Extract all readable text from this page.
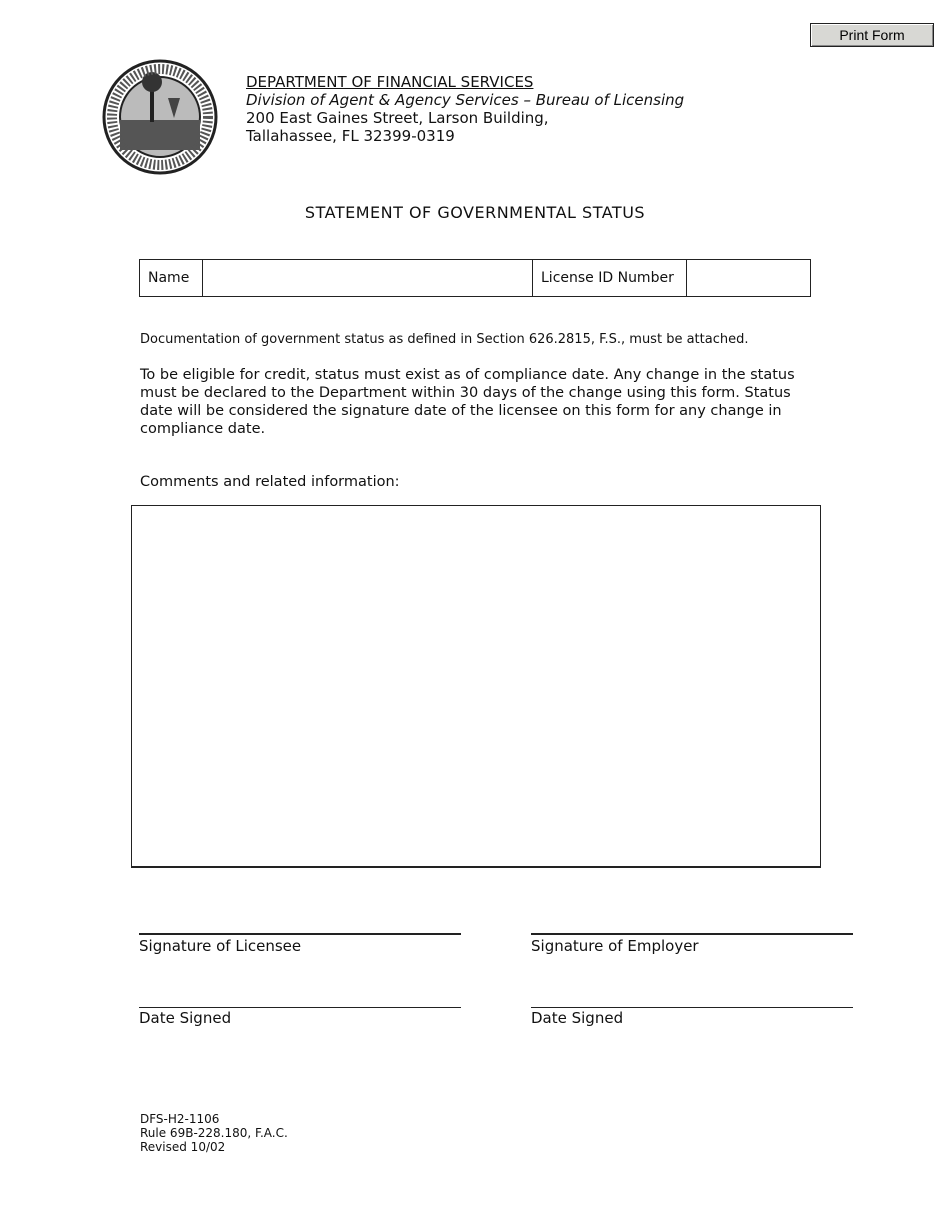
Print Form
DEPARTMENT OF FINANCIAL SERVICES
Division of Agent & Agency Services – Bureau of Licensing
200 East Gaines Street, Larson Building,
Tallahassee, FL 32399-0319
STATEMENT OF GOVERNMENTAL STATUS
Name		License ID Number	
Documentation of government status as defined in Section 626.2815, F.S., must be attached.
To be eligible for credit, status must exist as of compliance date. Any change in the status must be declared to the Department within 30 days of the change using this form. Status date will be considered the signature date of the licensee on this form for any change in compliance date.
Comments and related information:
Signature of Licensee	Signature of Employer
Date Signed	Date Signed
DFS-H2-1106
Rule 69B-228.180, F.A.C.
Revised 10/02
